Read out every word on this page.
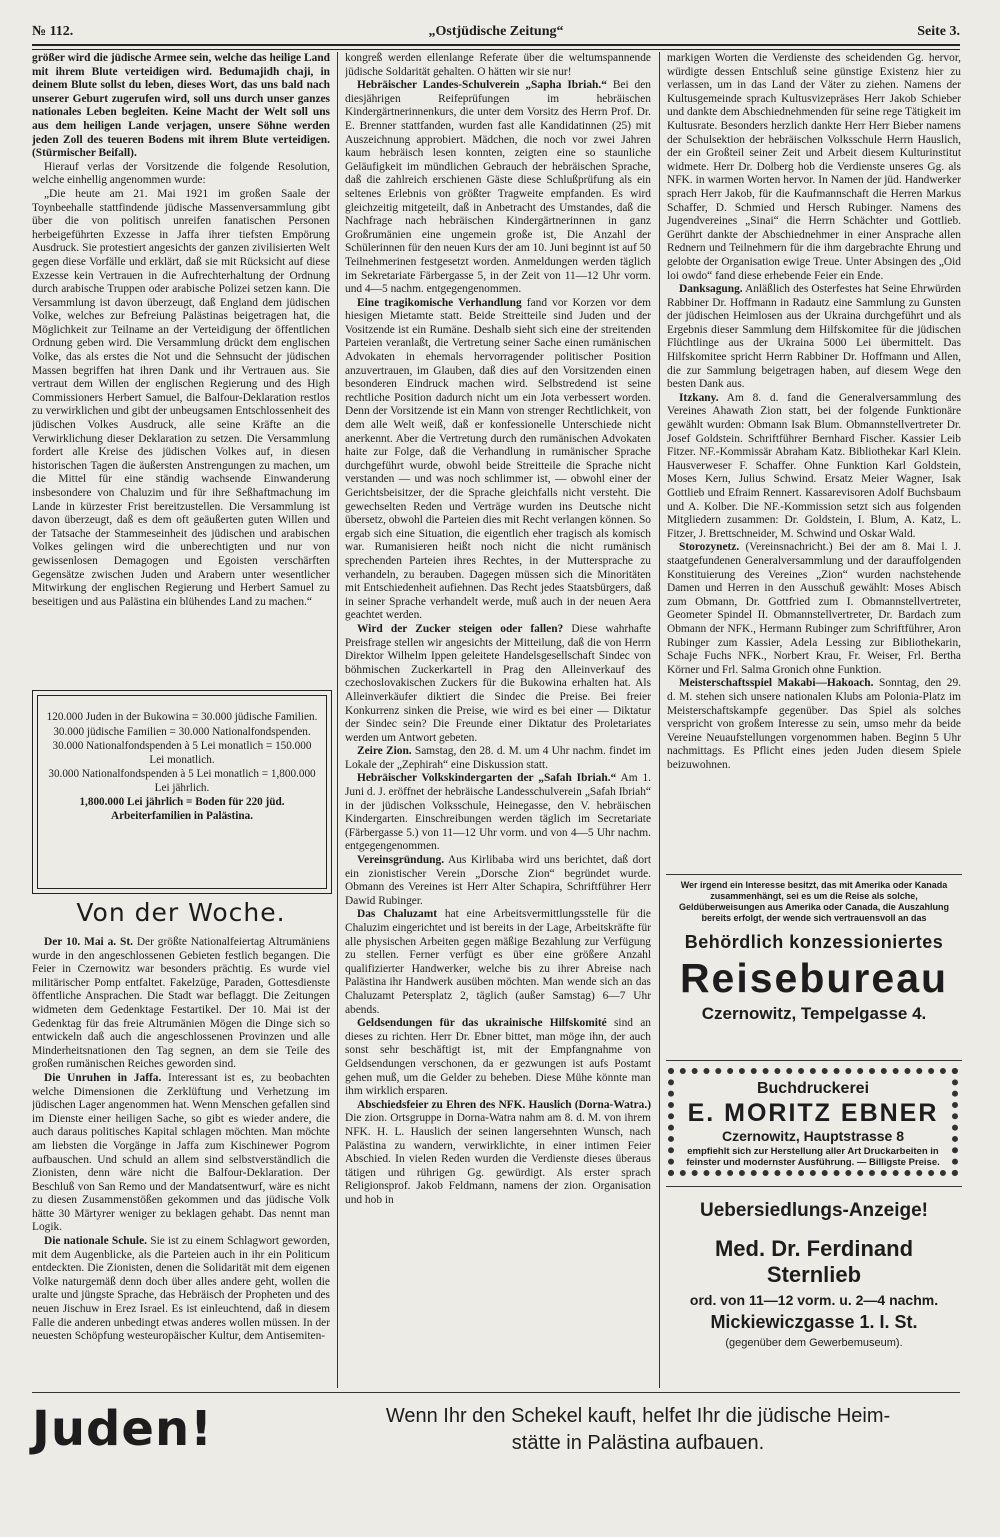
№ 112.	„Ostjüdische Zeitung“	Seite 3.

größer wird die jüdische Armee sein, welche das heilige Land mit ihrem Blute verteidigen wird. Bedumajidh chaji, in deinem Blute sollst du leben, dieses Wort, das uns bald nach unserer Geburt zugerufen wird, soll uns durch unser ganzes nationales Leben begleiten. Keine Macht der Welt soll uns aus dem heiligen Lande verjagen, unsere Söhne werden jeden Zoll des teueren Bodens mit ihrem Blute verteidigen. (Stürmischer Beifall).

Hierauf verlas der Vorsitzende die folgende Resolution, welche einhellig angenommen wurde:

„Die heute am 21. Mai 1921 im großen Saale der Toynbeehalle stattfindende jüdische Massenversammlung gibt über die von politisch unreifen fanatischen Personen herbeigeführten Exzesse in Jaffa ihrer tiefsten Empörung Ausdruck. Sie protestiert angesichts der ganzen zivilisierten Welt gegen diese Vorfälle und erklärt, daß sie mit Rücksicht auf diese Exzesse kein Vertrauen in die Aufrechterhaltung der Ordnung durch arabische Truppen oder arabische Polizei setzen kann. Die Versammlung ist davon überzeugt, daß England dem jüdischen Volke, welches zur Befreiung Palästinas beigetragen hat, die Möglichkeit zur Teilname an der Verteidigung der öffentlichen Ordnung geben wird. Die Versammlung drückt dem englischen Volke, das als erstes die Not und die Sehnsucht der jüdischen Massen begriffen hat ihren Dank und ihr Vertrauen aus. Sie vertraut dem Willen der englischen Regierung und des High Commissioners Herbert Samuel, die Balfour-Deklaration restlos zu verwirklichen und gibt der unbeugsamen Entschlossenheit des jüdischen Volkes Ausdruck, alle seine Kräfte an die Verwirklichung dieser Deklaration zu setzen. Die Versammlung fordert alle Kreise des jüdischen Volkes auf, in diesen historischen Tagen die äußersten Anstrengungen zu machen, um die Mittel für eine ständig wachsende Einwanderung insbesondere von Chaluzim und für ihre Seßhaftmachung im Lande in kürzester Frist bereitzustellen. Die Versammlung ist davon überzeugt, daß es dem oft geäußerten guten Willen und der Tatsache der Stammeseinheit des jüdischen und arabischen Volkes gelingen wird die unberechtigten und nur von gewissenlosen Demagogen und Egoisten verschärften Gegensätze zwischen Juden und Arabern unter wesentlicher Mitwirkung der englischen Regierung und Herbert Samuel zu beseitigen und aus Palästina ein blühendes Land zu machen.“

120.000 Juden in der Bukowina = 30.000 jüdische Familien.

30.000 jüdische Familien = 30.000 Nationalfondspenden.

30.000 Nationalfondspenden à 5 Lei monatlich = 150.000 Lei monatlich.

30.000 Nationalfondspenden à 5 Lei monatlich = 1,800.000 Lei jährlich.

1,800.000 Lei jährlich = Boden für 220 jüd. Arbeiterfamilien in Palästina.

Von der Woche.

Der 10. Mai a. St. Der größte Nationalfeiertag Altrumäniens wurde in den angeschlossenen Gebieten festlich begangen. Die Feier in Czernowitz war besonders prächtig. Es wurde viel militärischer Pomp entfaltet. Fakelzüge, Paraden, Gottesdienste öffentliche Ansprachen. Die Stadt war beflaggt. Die Zeitungen widmeten dem Gedenktage Festartikel. Der 10. Mai ist der Gedenktag für das freie Altrumänien Mögen die Dinge sich so entwickeln daß auch die angeschlossenen Provinzen und alle Minderheitsnationen den Tag segnen, an dem sie Teile des großen rumänischen Reiches geworden sind.

Die Unruhen in Jaffa. Interessant ist es, zu beobachten welche Dimensionen die Zerklüftung und Verhetzung im jüdischen Lager angenommen hat. Wenn Menschen gefallen sind im Dienste einer heiligen Sache, so gibt es wieder andere, die auch daraus politisches Kapital schlagen möchten. Man möchte am liebsten die Vorgänge in Jaffa zum Kischinewer Pogrom aufbauschen. Und schuld an allem sind selbstverständlich die Zionisten, denn wäre nicht die Balfour-Deklaration. Der Beschluß von San Remo und der Mandatsentwurf, wäre es nicht zu diesen Zusammenstößen gekommen und das jüdische Volk hätte 30 Märtyrer weniger zu beklagen gehabt. Das nennt man Logik.

Die nationale Schule. Sie ist zu einem Schlagwort geworden, mit dem Augenblicke, als die Parteien auch in ihr ein Politicum entdeckten. Die Zionisten, denen die Solidarität mit dem eigenen Volke naturgemäß denn doch über alles andere geht, wollen die uralte und jüngste Sprache, das Hebräisch der Propheten und des neuen Jischuw in Erez Israel. Es ist einleuchtend, daß in diesem Falle die anderen unbedingt etwas anderes wollen müssen. In der neuesten Schöpfung westeuropäischer Kultur, dem Antisemiten-

kongreß werden ellenlange Referate über die weltumspannende jüdische Soldarität gehalten. O hätten wir sie nur!

Hebräischer Landes-Schulverein „Sapha Ibriah.“ Bei den diesjährigen Reifeprüfungen im hebräischen Kindergärtnerinnenkurs, die unter dem Vorsitz des Herrn Prof. Dr. E. Brenner stattfanden, wurden fast alle Kandidatinnen (25) mit Auszeichnung approbiert. Mädchen, die noch vor zwei Jahren kaum hebräisch lesen konnten, zeigten eine so staunliche Geläufigkeit im mündlichen Gebrauch der hebräischen Sprache, daß die zahlreich erschienen Gäste diese Schlußprüfung als ein seltenes Erlebnis von größter Tragweite empfanden. Es wird gleichzeitig mitgeteilt, daß in Anbetracht des Umstandes, daß die Nachfrage nach hebräischen Kindergärtnerinnen in ganz Großrumänien eine ungemein große ist, Die Anzahl der Schülerinnen für den neuen Kurs der am 10. Juni beginnt ist auf 50 Teilnehmerinen festgesetzt worden. Anmeldungen werden täglich im Sekretariate Färbergasse 5, in der Zeit von 11—12 Uhr vorm. und 4—5 nachm. entgegengenommen.

Eine tragikomische Verhandlung fand vor Korzen vor dem hiesigen Mietamte statt. Beide Streitteile sind Juden und der Vositzende ist ein Rumäne. Deshalb sieht sich eine der streitenden Parteien veranlaßt, die Vertretung seiner Sache einen rumänischen Advokaten in ehemals hervorragender politischer Position anzuvertrauen, im Glauben, daß dies auf den Vorsitzenden einen besonderen Eindruck machen wird. Selbstredend ist seine rechtliche Position dadurch nicht um ein Jota verbessert worden. Denn der Vorsitzende ist ein Mann von strenger Rechtlichkeit, von dem alle Welt weiß, daß er konfessionelle Unterschiede nicht anerkennt. Aber die Vertretung durch den rumänischen Advokaten haite zur Folge, daß die Verhandlung in rumänischer Sprache durchgeführt wurde, obwohl beide Streitteile die Sprache nicht verstanden — und was noch schlimmer ist, — obwohl einer der Gerichtsbeisitzer, der die Sprache gleichfalls nicht versteht. Die gewechselten Reden und Verträge wurden ins Deutsche nicht übersetz, obwohl die Parteien dies mit Recht verlangen können. So ergab sich eine Situation, die eigentlich eher tragisch als komisch war. Rumanisieren heißt noch nicht die nicht rumänisch sprechenden Parteien ihres Rechtes, in der Muttersprache zu verhandeln, zu berauben. Dagegen müssen sich die Minoritäten mit Entschiedenheit aufiehnen. Das Recht jedes Staatsbürgers, daß in seiner Sprache verhandelt werde, muß auch in der neuen Aera geachtet werden.

Wird der Zucker steigen oder fallen? Diese wahrhafte Preisfrage stellen wir angesichts der Mitteilung, daß die von Herrn Direktor Wilhelm Ippen geleitete Handelsgesellschaft Sindec von böhmischen Zuckerkartell in Prag den Alleinverkauf des czechoslovakischen Zuckers für die Bukowina erhalten hat. Als Alleinverkäufer diktiert die Sindec die Preise. Bei freier Konkurrenz sinken die Preise, wie wird es bei einer — Diktatur der Sindec sein? Die Freunde einer Diktatur des Proletariates werden um Antwort gebeten.

Zeire Zion. Samstag, den 28. d. M. um 4 Uhr nachm. findet im Lokale der „Zephirah“ eine Diskussion statt.

Hebräischer Volkskindergarten der „Safah Ibriah.“ Am 1. Juni d. J. eröffnet der hebräische Landesschulverein „Safah Ibriah“ in der jüdischen Volksschule, Heinegasse, den V. hebräischen Kindergarten. Einschreibungen werden täglich im Secretariate (Färbergasse 5.) von 11—12 Uhr vorm. und von 4—5 Uhr nachm. entgegengenommen.

Vereinsgründung. Aus Kirlibaba wird uns berichtet, daß dort ein zionistischer Verein „Dorsche Zion“ begründet wurde. Obmann des Vereines ist Herr Alter Schapira, Schriftführer Herr Dawid Rubinger.

Das Chaluzamt hat eine Arbeitsvermittlungsstelle für die Chaluzim eingerichtet und ist bereits in der Lage, Arbeitskräfte für alle physischen Arbeiten gegen mäßige Bezahlung zur Verfügung zu stellen. Ferner verfügt es über eine größere Anzahl qualifizierter Handwerker, welche bis zu ihrer Abreise nach Palästina ihr Handwerk ausüben möchten. Man wende sich an das Chaluzamt Petersplatz 2, täglich (außer Samstag) 6—7 Uhr abends.

Geldsendungen für das ukrainische Hilfskomité sind an dieses zu richten. Herr Dr. Ebner bittet, man möge ihn, der auch sonst sehr beschäftigt ist, mit der Empfangnahme von Geldsendungen verschonen, da er gezwungen ist aufs Postamt gehen muß, um die Gelder zu beheben. Diese Mühe könnte man ihm wirklich ersparen.

Abschiedsfeier zu Ehren des NFK. Hauslich (Dorna-Watra.) Die zion. Ortsgruppe in Dorna-Watra nahm am 8. d. M. von ihrem NFK. H. L. Hauslich der seinen langersehnten Wunsch, nach Palästina zu wandern, verwirklichte, in einer intimen Feier Abschied. In vielen Reden wurden die Verdienste dieses überaus tätigen und rührigen Gg. gewürdigt. Als erster sprach Religionsprof. Jakob Feldmann, namens der zion. Organisation und hob in

markigen Worten die Verdienste des scheidenden Gg. hervor, würdigte dessen Entschluß seine günstige Existenz hier zu verlassen, um in das Land der Väter zu ziehen. Namens der Kultusgemeinde sprach Kultusvizepräses Herr Jakob Schieber und dankte dem Abschiednehmenden für seine rege Tätigkeit im Kultusrate. Besonders herzlich dankte Herr Herr Bieber namens der Schulsektion der hebräischen Volksschule Herrn Hauslich, der ein Großteil seiner Zeit und Arbeit diesem Kulturinstitut widmete. Herr Dr. Dolberg hob die Verdienste unseres Gg. als NFK. in warmen Worten hervor. In Namen der jüd. Handwerker sprach Herr Jakob, für die Kaufmannschaft die Herren Markus Schaffer, D. Schmied und Hersch Rubinger. Namens des Jugendvereines „Sinai“ die Herrn Schächter und Gottlieb. Gerührt dankte der Abschiednehmer in einer Ansprache allen Rednern und Teilnehmern für die ihm dargebrachte Ehrung und gelobte der Organisation ewige Treue. Unter Absingen des „Oid loi owdo“ fand diese erhebende Feier ein Ende.

Danksagung. Anläßlich des Osterfestes hat Seine Ehrwürden Rabbiner Dr. Hoffmann in Radautz eine Sammlung zu Gunsten der jüdischen Heimlosen aus der Ukraina durchgeführt und als Ergebnis dieser Sammlung dem Hilfskomitee für die jüdischen Flüchtlinge aus der Ukraina 5000 Lei übermittelt. Das Hilfskomitee spricht Herrn Rabbiner Dr. Hoffmann und Allen, die zur Sammlung beigetragen haben, auf diesem Wege den besten Dank aus.

Itzkany. Am 8. d. fand die Generalversammlung des Vereines Ahawath Zion statt, bei der folgende Funktionäre gewählt wurden: Obmann Isak Blum. Obmannstellvertreter Dr. Josef Goldstein. Schriftführer Bernhard Fischer. Kassier Leib Fitzer. NF.-Kommissär Abraham Katz. Bibliothekar Karl Klein. Hausverweser F. Schaffer. Ohne Funktion Karl Goldstein, Moses Kern, Julius Schwind. Ersatz Meier Wagner, Isak Gottlieb und Efraim Rennert. Kassarevisoren Adolf Buchsbaum und A. Kolber. Die NF.-Kommission setzt sich aus folgenden Mitgliedern zusammen: Dr. Goldstein, I. Blum, A. Katz, L. Fitzer, J. Brettschneider, M. Schwind und Oskar Wald.

Storozynetz. (Vereinsnachricht.) Bei der am 8. Mai l. J. staatgefundenen Generalversammlung und der darauffolgenden Konstituierung des Vereines „Zion“ wurden nachstehende Damen und Herren in den Ausschuß gewählt: Moses Abisch zum Obmann, Dr. Gottfried zum I. Obmannstellvertreter, Geometer Spindel II. Obmannstellvertreter, Dr. Bardach zum Obmann der NFK., Hermann Rubinger zum Schriftführer, Aron Rubinger zum Kassier, Adela Lessing zur Bibliothekarin, Schaje Fuchs NFK., Norbert Krau, Fr. Weiser, Frl. Bertha Körner und Frl. Salma Gronich ohne Funktion.

Meisterschaftsspiel Makabi—Hakoach. Sonntag, den 29. d. M. stehen sich unsere nationalen Klubs am Polonia-Platz im Meisterschaftskampfe gegenüber. Das Spiel als solches verspricht von großem Interesse zu sein, umso mehr da beide Vereine Neuaufstellungen vorgenommen haben. Beginn 5 Uhr nachmittags. Es Pflicht eines jeden Juden diesem Spiele beizuwohnen.

Wer irgend ein Interesse besitzt, das mit Amerika oder Kanada zusammenhängt, sei es um die Reise als solche, Geldüberweisungen aus Amerika oder Canada, die Auszahlung bereits erfolgt, der wende sich vertrauensvoll an das
Behördlich konzessioniertes
Reisebureau
Czernowitz, Tempelgasse 4.
Buchdruckerei
E. MORITZ EBNER
Czernowitz, Hauptstrasse 8
empfiehlt sich zur Herstellung aller Art Druckarbeiten in feinster und modernster Ausführung. — Billigste Preise.
Uebersiedlungs-Anzeige!
Med. Dr. Ferdinand Sternlieb
ord. von 11—12 vorm. u. 2—4 nachm.
Mickiewiczgasse 1. I. St.
(gegenüber dem Gewerbemuseum).
Juden!	Wenn Ihr den Schekel kauft, helfet Ihr die jüdische Heim-
stätte in Palästina aufbauen.
